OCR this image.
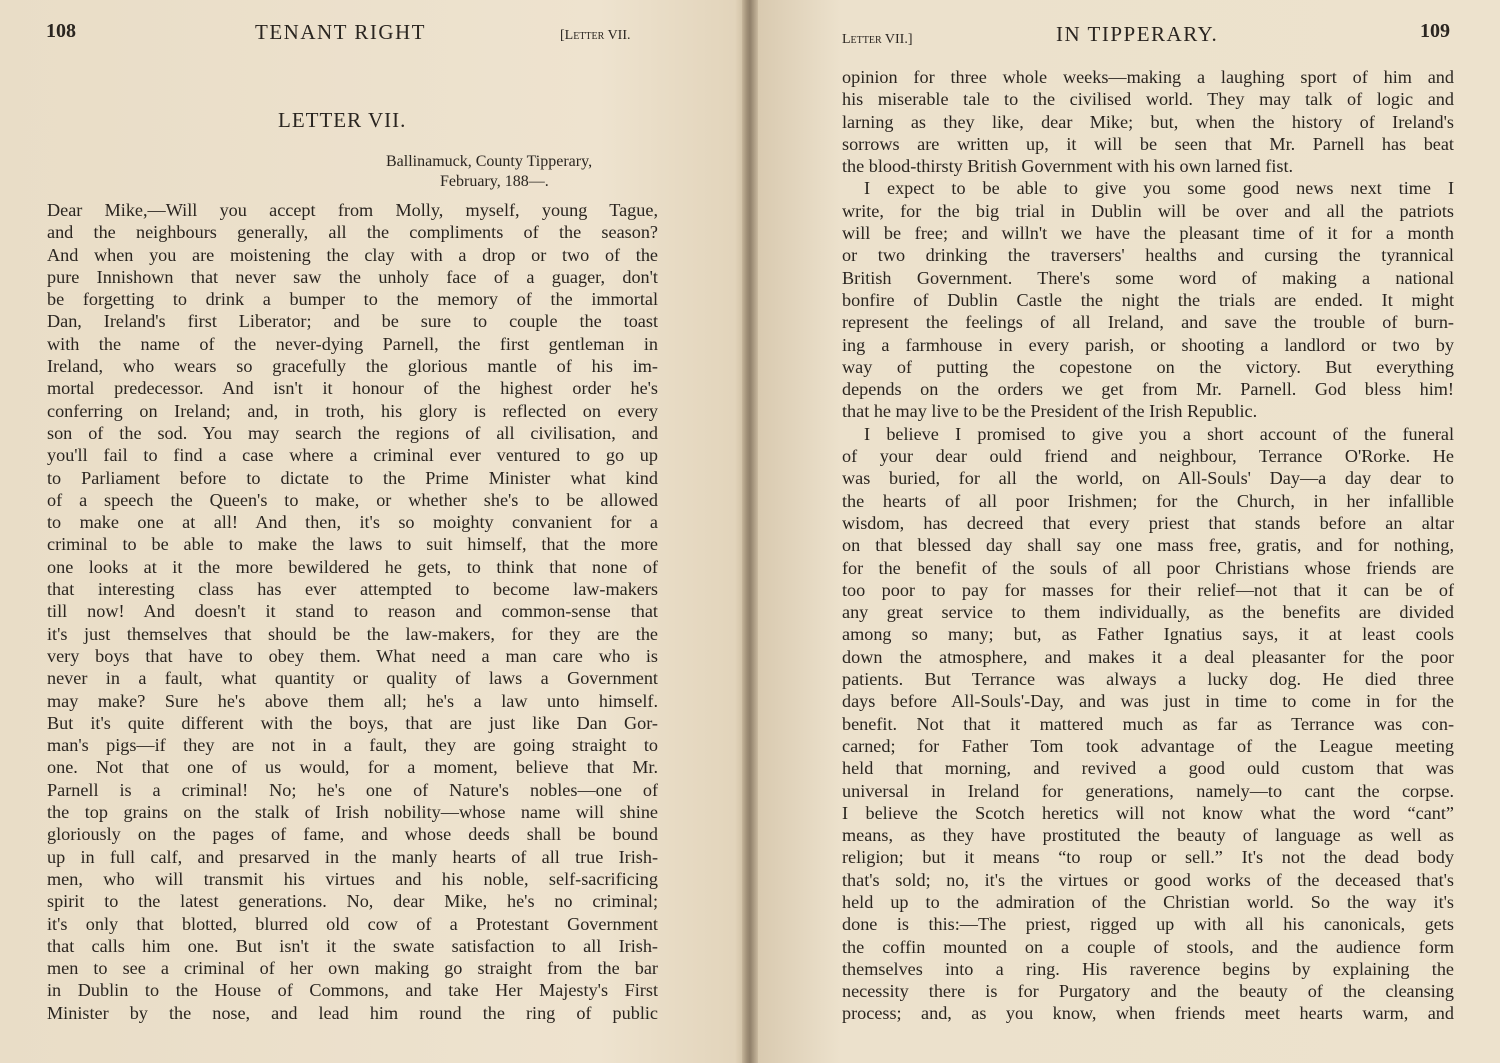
108	TENANT RIGHT	[Letter VII.
LETTER VII.
Ballinamuck, County Tipperary,
February, 188—.
Dear Mike,—Will you accept from Molly, myself, young Tague,
and the neighbours generally, all the compliments of the season?
And when you are moistening the clay with a drop or two of the
pure Innishown that never saw the unholy face of a guager, don't
be forgetting to drink a bumper to the memory of the immortal
Dan, Ireland's first Liberator; and be sure to couple the toast
with the name of the never-dying Parnell, the first gentleman in
Ireland, who wears so gracefully the glorious mantle of his im-
mortal predecessor. And isn't it honour of the highest order he's
conferring on Ireland; and, in troth, his glory is reflected on every
son of the sod. You may search the regions of all civilisation, and
you'll fail to find a case where a criminal ever ventured to go up
to Parliament before to dictate to the Prime Minister what kind
of a speech the Queen's to make, or whether she's to be allowed
to make one at all! And then, it's so moighty convanient for a
criminal to be able to make the laws to suit himself, that the more
one looks at it the more bewildered he gets, to think that none of
that interesting class has ever attempted to become law-makers
till now! And doesn't it stand to reason and common-sense that
it's just themselves that should be the law-makers, for they are the
very boys that have to obey them. What need a man care who is
never in a fault, what quantity or quality of laws a Government
may make? Sure he's above them all; he's a law unto himself.
But it's quite different with the boys, that are just like Dan Gor-
man's pigs—if they are not in a fault, they are going straight to
one. Not that one of us would, for a moment, believe that Mr.
Parnell is a criminal! No; he's one of Nature's nobles—one of
the top grains on the stalk of Irish nobility—whose name will shine
gloriously on the pages of fame, and whose deeds shall be bound
up in full calf, and presarved in the manly hearts of all true Irish-
men, who will transmit his virtues and his noble, self-sacrificing
spirit to the latest generations. No, dear Mike, he's no criminal;
it's only that blotted, blurred old cow of a Protestant Government
that calls him one. But isn't it the swate satisfaction to all Irish-
men to see a criminal of her own making go straight from the bar
in Dublin to the House of Commons, and take Her Majesty's First
Minister by the nose, and lead him round the ring of public
Letter VII.]	IN TIPPERARY.	109
opinion for three whole weeks—making a laughing sport of him and
his miserable tale to the civilised world. They may talk of logic and
larning as they like, dear Mike; but, when the history of Ireland's
sorrows are written up, it will be seen that Mr. Parnell has beat
the blood-thirsty British Government with his own larned fist.
I expect to be able to give you some good news next time I
write, for the big trial in Dublin will be over and all the patriots
will be free; and willn't we have the pleasant time of it for a month
or two drinking the traversers' healths and cursing the tyrannical
British Government. There's some word of making a national
bonfire of Dublin Castle the night the trials are ended. It might
represent the feelings of all Ireland, and save the trouble of burn-
ing a farmhouse in every parish, or shooting a landlord or two by
way of putting the copestone on the victory. But everything
depends on the orders we get from Mr. Parnell. God bless him!
that he may live to be the President of the Irish Republic.
I believe I promised to give you a short account of the funeral
of your dear ould friend and neighbour, Terrance O'Rorke. He
was buried, for all the world, on All-Souls' Day—a day dear to
the hearts of all poor Irishmen; for the Church, in her infallible
wisdom, has decreed that every priest that stands before an altar
on that blessed day shall say one mass free, gratis, and for nothing,
for the benefit of the souls of all poor Christians whose friends are
too poor to pay for masses for their relief—not that it can be of
any great service to them individually, as the benefits are divided
among so many; but, as Father Ignatius says, it at least cools
down the atmosphere, and makes it a deal pleasanter for the poor
patients. But Terrance was always a lucky dog. He died three
days before All-Souls'-Day, and was just in time to come in for the
benefit. Not that it mattered much as far as Terrance was con-
carned; for Father Tom took advantage of the League meeting
held that morning, and revived a good ould custom that was
universal in Ireland for generations, namely—to cant the corpse.
I believe the Scotch heretics will not know what the word “cant”
means, as they have prostituted the beauty of language as well as
religion; but it means “to roup or sell.” It's not the dead body
that's sold; no, it's the virtues or good works of the deceased that's
held up to the admiration of the Christian world. So the way it's
done is this:—The priest, rigged up with all his canonicals, gets
the coffin mounted on a couple of stools, and the audience form
themselves into a ring. His raverence begins by explaining the
necessity there is for Purgatory and the beauty of the cleansing
process; and, as you know, when friends meet hearts warm, and
